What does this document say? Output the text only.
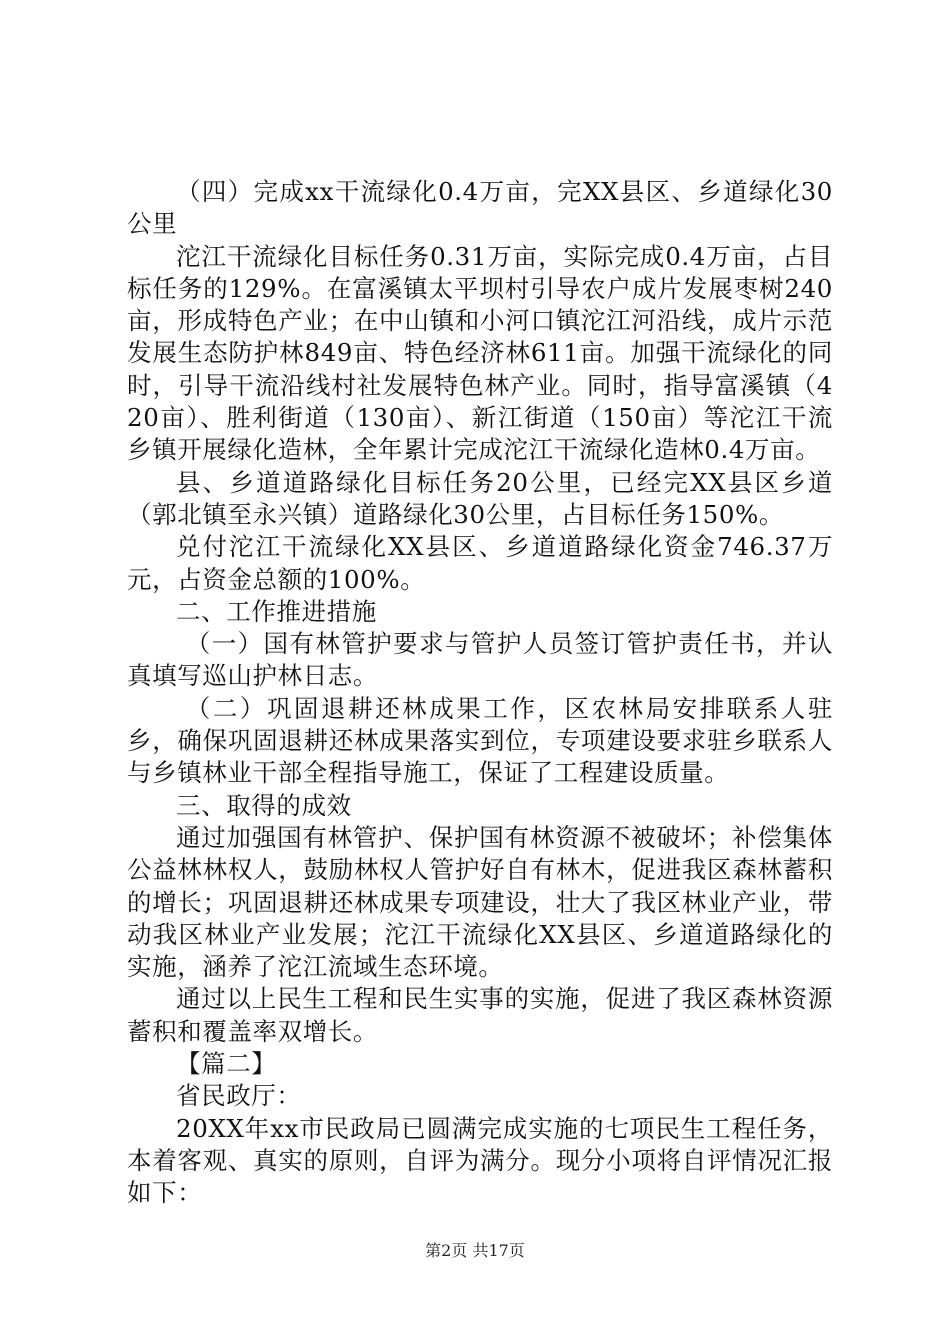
（四）完成xx干流绿化0.4万亩，完XX县区、乡道绿化30公里

沱江干流绿化目标任务0.31万亩，实际完成0.4万亩，占目标任务的129%。在富溪镇太平坝村引导农户成片发展枣树240亩，形成特色产业；在中山镇和小河口镇沱江河沿线，成片示范发展生态防护林849亩、特色经济林611亩。加强干流绿化的同时，引导干流沿线村社发展特色林产业。同时，指导富溪镇（420亩）、胜利街道（130亩）、新江街道（150亩）等沱江干流乡镇开展绿化造林，全年累计完成沱江干流绿化造林0.4万亩。

县、乡道道路绿化目标任务20公里，已经完XX县区乡道（郭北镇至永兴镇）道路绿化30公里，占目标任务150%。

兑付沱江干流绿化XX县区、乡道道路绿化资金746.37万元，占资金总额的100%。

二、工作推进措施

（一）国有林管护要求与管护人员签订管护责任书，并认真填写巡山护林日志。

（二）巩固退耕还林成果工作，区农林局安排联系人驻乡，确保巩固退耕还林成果落实到位，专项建设要求驻乡联系人与乡镇林业干部全程指导施工，保证了工程建设质量。

三、取得的成效

通过加强国有林管护、保护国有林资源不被破坏；补偿集体公益林林权人，鼓励林权人管护好自有林木，促进我区森林蓄积的增长；巩固退耕还林成果专项建设，壮大了我区林业产业，带动我区林业产业发展；沱江干流绿化XX县区、乡道道路绿化的实施，涵养了沱江流域生态环境。

通过以上民生工程和民生实事的实施，促进了我区森林资源蓄积和覆盖率双增长。

【篇二】

省民政厅：

20XX年xx市民政局已圆满完成实施的七项民生工程任务，本着客观、真实的原则，自评为满分。现分小项将自评情况汇报如下：

第2页 共17页
